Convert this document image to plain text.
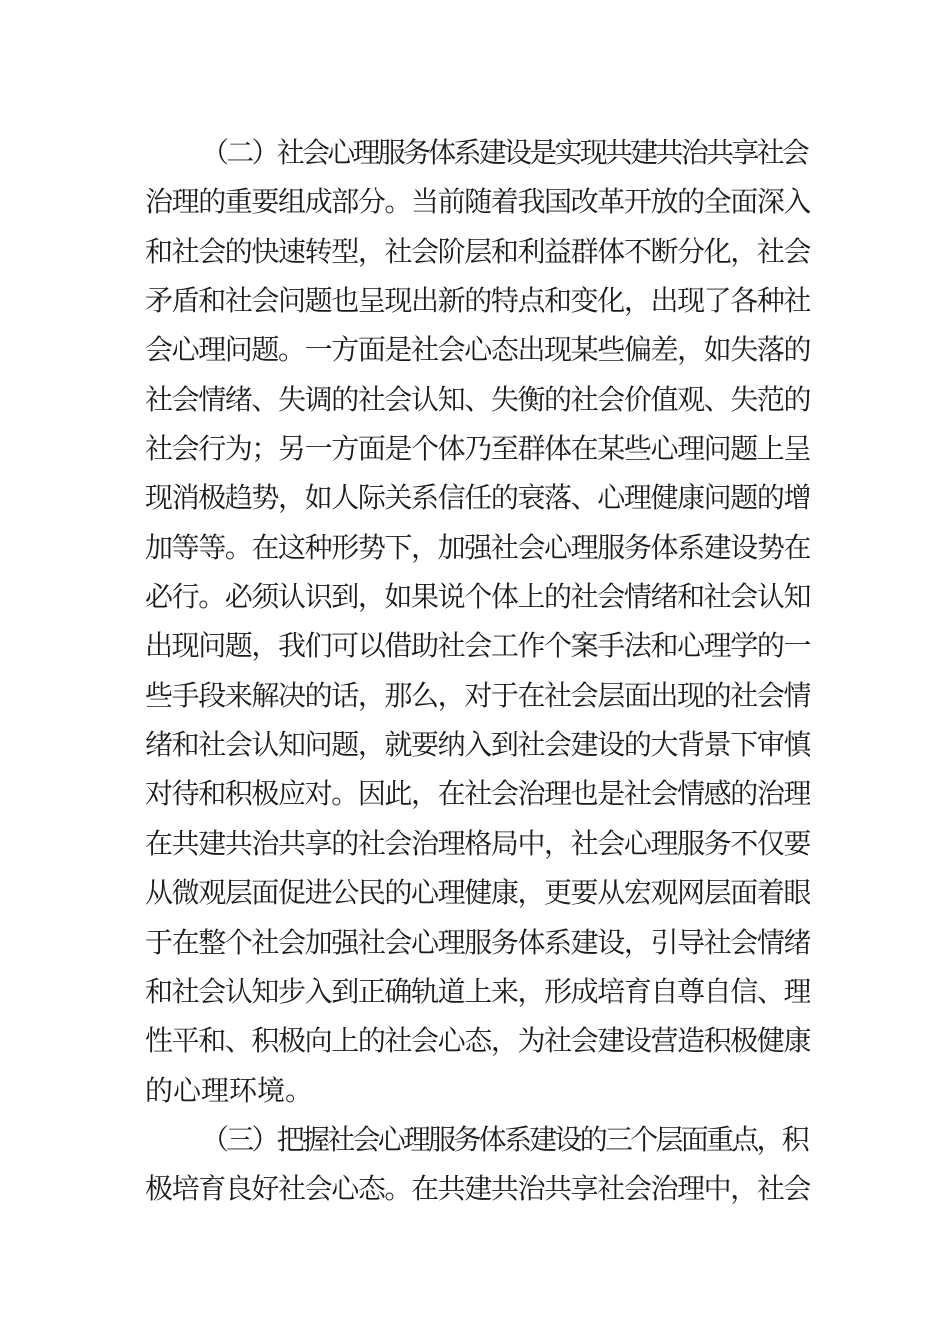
（二）社会心理服务体系建设是实现共建共治共享社会
治理的重要组成部分。当前随着我国改革开放的全面深入
和社会的快速转型，社会阶层和利益群体不断分化，社会
矛盾和社会问题也呈现出新的特点和变化，出现了各种社
会心理问题。一方面是社会心态出现某些偏差，如失落的
社会情绪、失调的社会认知、失衡的社会价值观、失范的
社会行为；另一方面是个体乃至群体在某些心理问题上呈
现消极趋势，如人际关系信任的衰落、心理健康问题的增
加等等。在这种形势下，加强社会心理服务体系建设势在
必行。必须认识到，如果说个体上的社会情绪和社会认知
出现问题，我们可以借助社会工作个案手法和心理学的一
些手段来解决的话，那么，对于在社会层面出现的社会情
绪和社会认知问题，就要纳入到社会建设的大背景下审慎
对待和积极应对。因此，在社会治理也是社会情感的治理
在共建共治共享的社会治理格局中，社会心理服务不仅要
从微观层面促进公民的心理健康，更要从宏观网层面着眼
于在整个社会加强社会心理服务体系建设，引导社会情绪
和社会认知步入到正确轨道上来，形成培育自尊自信、理
性平和、积极向上的社会心态，为社会建设营造积极健康
的心理环境。
（三）把握社会心理服务体系建设的三个层面重点，积
极培育良好社会心态。在共建共治共享社会治理中，社会
